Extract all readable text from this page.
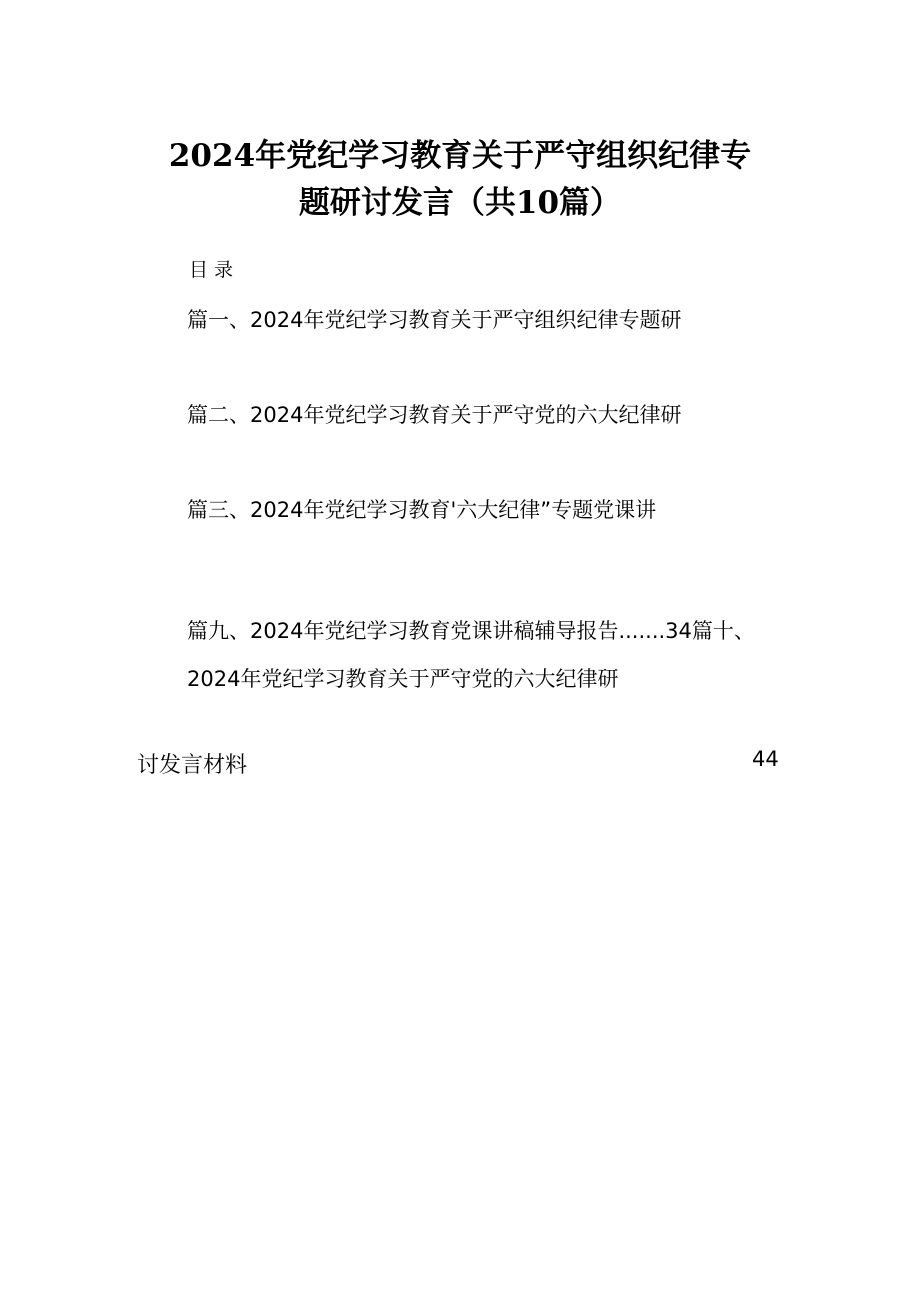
2024年党纪学习教育关于严守组织纪律专
题研讨发言（共10篇）
目录
篇一、2024年党纪学习教育关于严守组织纪律专题研
篇二、2024年党纪学习教育关于严守党的六大纪律研
篇三、2024年党纪学习教育'六大纪律”专题党课讲
篇九、2024年党纪学习教育党课讲稿辅导报告.......34篇十、
2024年党纪学习教育关于严守党的六大纪律研
讨发言材料	44
